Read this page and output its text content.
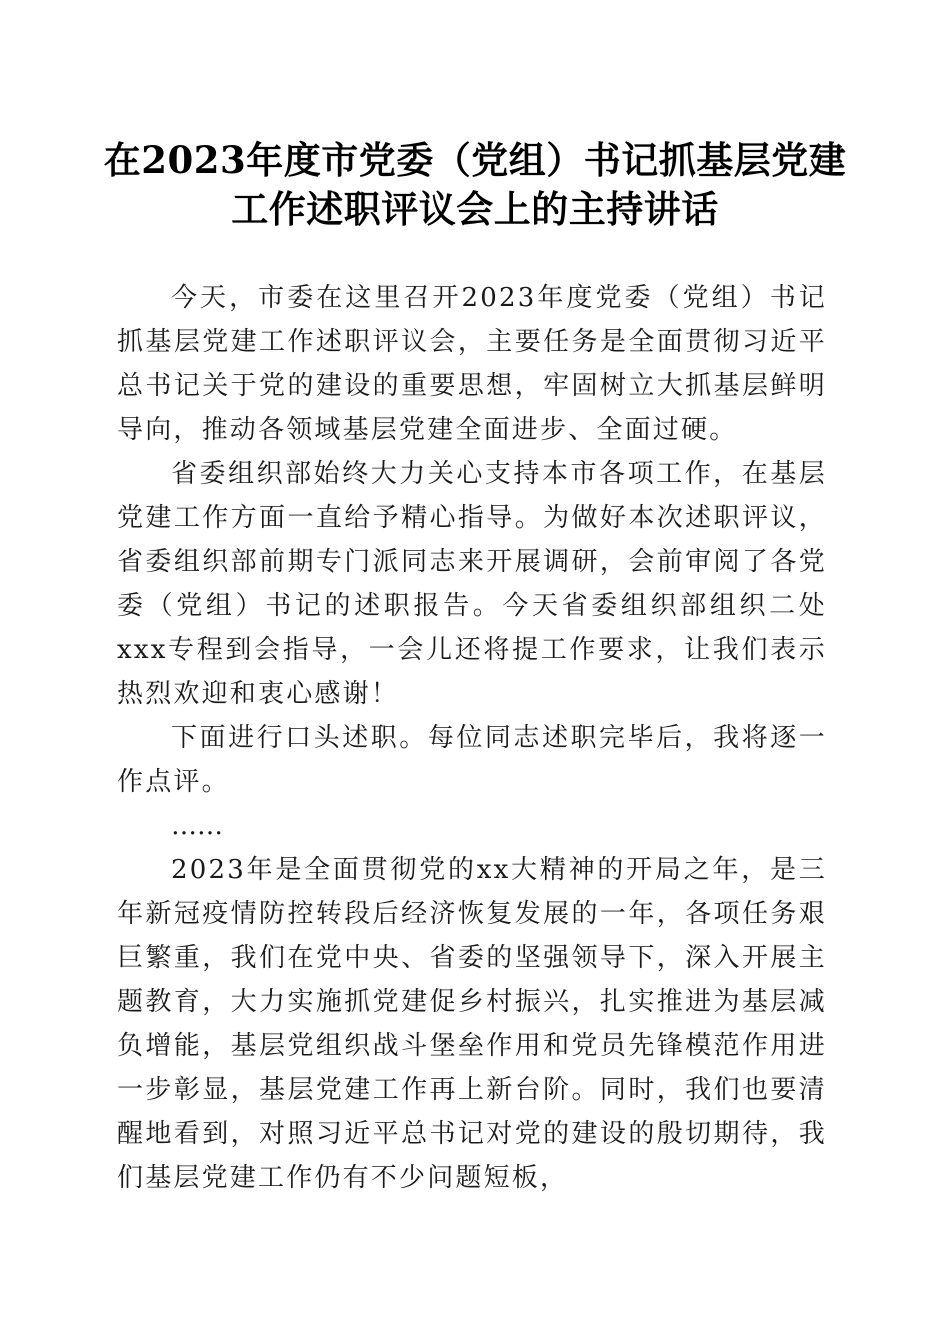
在2023年度市党委（党组）书记抓基层党建
工作述职评议会上的主持讲话

今天，市委在这里召开2023年度党委（党组）书记抓基层党建工作述职评议会，主要任务是全面贯彻习近平总书记关于党的建设的重要思想，牢固树立大抓基层鲜明导向，推动各领域基层党建全面进步、全面过硬。

省委组织部始终大力关心支持本市各项工作，在基层党建工作方面一直给予精心指导。为做好本次述职评议，省委组织部前期专门派同志来开展调研，会前审阅了各党委（党组）书记的述职报告。今天省委组织部组织二处xxx专程到会指导，一会儿还将提工作要求，让我们表示热烈欢迎和衷心感谢！

下面进行口头述职。每位同志述职完毕后，我将逐一作点评。

……

2023年是全面贯彻党的xx大精神的开局之年，是三年新冠疫情防控转段后经济恢复发展的一年，各项任务艰巨繁重，我们在党中央、省委的坚强领导下，深入开展主题教育，大力实施抓党建促乡村振兴，扎实推进为基层减负增能，基层党组织战斗堡垒作用和党员先锋模范作用进一步彰显，基层党建工作再上新台阶。同时，我们也要清醒地看到，对照习近平总书记对党的建设的殷切期待，我们基层党建工作仍有不少问题短板，
